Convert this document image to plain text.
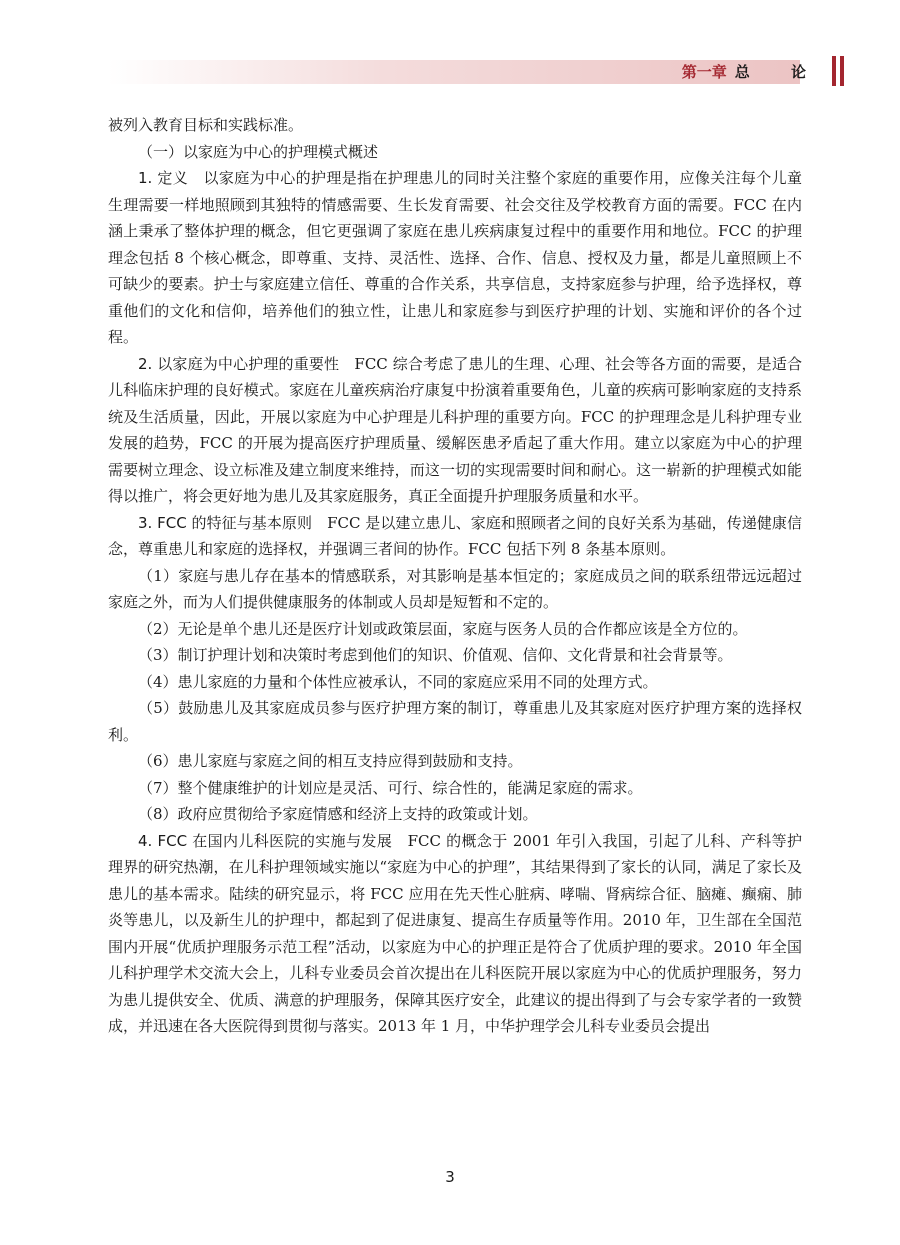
第一章 总 论

被列入教育目标和实践标准。

（一）以家庭为中心的护理模式概述

1. 定义　 以家庭为中心的护理是指在护理患儿的同时关注整个家庭的重要作用，应像关注每个儿童生理需要一样地照顾到其独特的情感需要、生长发育需要、社会交往及学校教育方面的需要。FCC 在内涵上秉承了整体护理的概念，但它更强调了家庭在患儿疾病康复过程中的重要作用和地位。FCC 的护理理念包括 8 个核心概念，即尊重、支持、灵活性、选择、合作、信息、授权及力量，都是儿童照顾上不可缺少的要素。护士与家庭建立信任、尊重的合作关系，共享信息，支持家庭参与护理，给予选择权，尊重他们的文化和信仰，培养他们的独立性，让患儿和家庭参与到医疗护理的计划、实施和评价的各个过程。

2. 以家庭为中心护理的重要性　 FCC 综合考虑了患儿的生理、心理、社会等各方面的需要，是适合儿科临床护理的良好模式。家庭在儿童疾病治疗康复中扮演着重要角色，儿童的疾病可影响家庭的支持系统及生活质量，因此，开展以家庭为中心护理是儿科护理的重要方向。FCC 的护理理念是儿科护理专业发展的趋势，FCC 的开展为提高医疗护理质量、缓解医患矛盾起了重大作用。建立以家庭为中心的护理需要树立理念、设立标准及建立制度来维持，而这一切的实现需要时间和耐心。这一崭新的护理模式如能得以推广，将会更好地为患儿及其家庭服务，真正全面提升护理服务质量和水平。

3. FCC 的特征与基本原则　 FCC 是以建立患儿、家庭和照顾者之间的良好关系为基础，传递健康信念，尊重患儿和家庭的选择权，并强调三者间的协作。FCC 包括下列 8 条基本原则。

（1）家庭与患儿存在基本的情感联系，对其影响是基本恒定的；家庭成员之间的联系纽带远远超过家庭之外，而为人们提供健康服务的体制或人员却是短暂和不定的。

（2）无论是单个患儿还是医疗计划或政策层面，家庭与医务人员的合作都应该是全方位的。

（3）制订护理计划和决策时考虑到他们的知识、价值观、信仰、文化背景和社会背景等。

（4）患儿家庭的力量和个体性应被承认，不同的家庭应采用不同的处理方式。

（5）鼓励患儿及其家庭成员参与医疗护理方案的制订，尊重患儿及其家庭对医疗护理方案的选择权利。

（6）患儿家庭与家庭之间的相互支持应得到鼓励和支持。

（7）整个健康维护的计划应是灵活、可行、综合性的，能满足家庭的需求。

（8）政府应贯彻给予家庭情感和经济上支持的政策或计划。

4. FCC 在国内儿科医院的实施与发展　 FCC 的概念于 2001 年引入我国，引起了儿科、产科等护理界的研究热潮，在儿科护理领域实施以“家庭为中心的护理”，其结果得到了家长的认同，满足了家长及患儿的基本需求。陆续的研究显示，将 FCC 应用在先天性心脏病、哮喘、肾病综合征、脑瘫、癫痫、肺炎等患儿，以及新生儿的护理中，都起到了促进康复、提高生存质量等作用。2010 年，卫生部在全国范围内开展“优质护理服务示范工程”活动，以家庭为中心的护理正是符合了优质护理的要求。2010 年全国儿科护理学术交流大会上，儿科专业委员会首次提出在儿科医院开展以家庭为中心的优质护理服务，努力为患儿提供安全、优质、满意的护理服务，保障其医疗安全，此建议的提出得到了与会专家学者的一致赞成，并迅速在各大医院得到贯彻与落实。2013 年 1 月，中华护理学会儿科专业委员会提出

3
